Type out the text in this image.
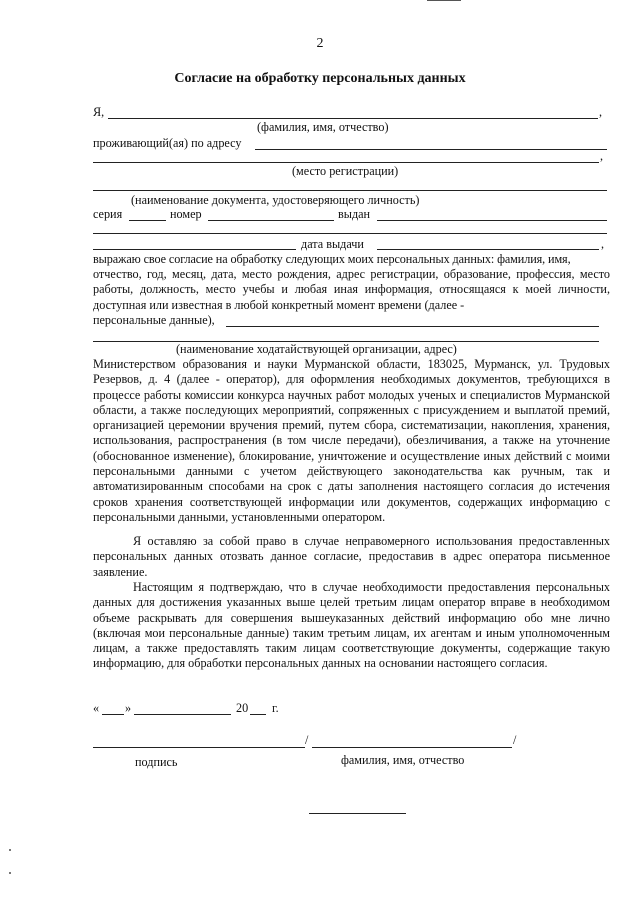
2
Согласие на обработку персональных данных
Я,	,
(фамилия, имя, отчество)
проживающий(ая) по адресу
,
(место регистрации)
(наименование документа, удостоверяющего личность)
серия	номер	выдан
дата выдачи	,
выражаю свое согласие на обработку следующих моих персональных данных: фамилия, имя,
отчество, год, месяц, дата, место рождения, адрес регистрации, образование, профессия, место работы, должность, место учебы и любая иная информация, относящаяся к моей личности, доступная или известная в любой конкретный момент времени (далее -
персональные данные),
(наименование ходатайствующей организации, адрес)
Министерством образования и науки Мурманской области, 183025, Мурманск, ул. Трудовых Резервов, д. 4 (далее - оператор), для оформления необходимых документов, требующихся в процессе работы комиссии конкурса научных работ молодых ученых и специалистов Мурманской области, а также последующих мероприятий, сопряженных с присуждением и выплатой премий, организацией церемонии вручения премий, путем сбора, систематизации, накопления, хранения, использования, распространения (в том числе передачи), обезличивания, а также на уточнение (обоснованное изменение), блокирование, уничтожение и осуществление иных действий с моими персональными данными с учетом действующего законодательства как ручным, так и автоматизированным способами на срок с даты заполнения настоящего согласия до истечения сроков хранения соответствующей информации или документов, содержащих информацию с персональными данными, установленными оператором.
Я оставляю за собой право в случае неправомерного использования предоставленных персональных данных отозвать данное согласие, предоставив в адрес оператора письменное заявление.
Настоящим я подтверждаю, что в случае необходимости предоставления персональных данных для достижения указанных выше целей третьим лицам оператор вправе в необходимом объеме раскрывать для совершения вышеуказанных действий информацию обо мне лично (включая мои персональные данные) таким третьим лицам, их агентам и иным уполномоченным лицам, а также предоставлять таким лицам соответствующие документы, содержащие такую информацию, для обработки персональных данных на основании настоящего согласия.
« »	20 г.
/	/
подпись	фамилия, имя, отчество
